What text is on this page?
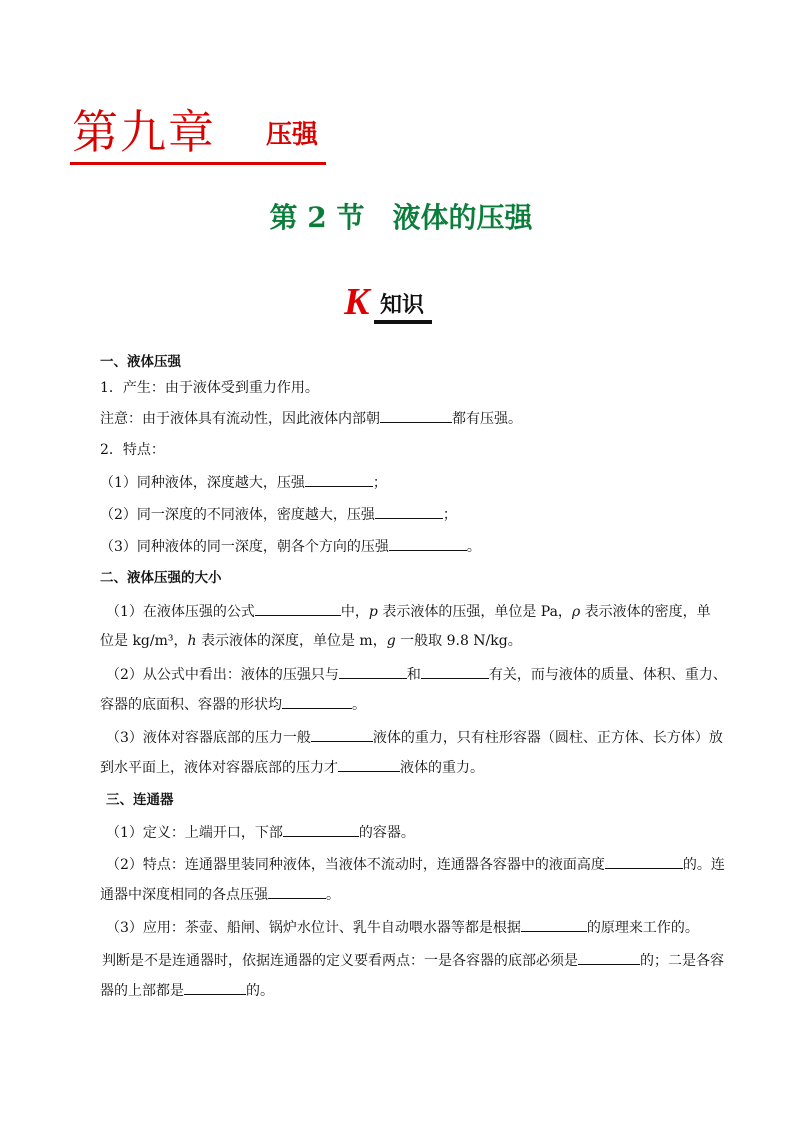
第九章 压强
第 2 节　液体的压强
K 知识

一、液体压强

1．产生：由于液体受到重力作用。

注意：由于液体具有流动性，因此液体内部朝	都有压强。

2．特点：

（1）同种液体，深度越大，压强	；

（2）同一深度的不同液体，密度越大，压强	；

（3）同种液体的同一深度，朝各个方向的压强	。

二、液体压强的大小

（1）在液体压强的公式	中，p 表示液体的压强，单位是 Pa，ρ 表示液体的密度，单

位是 kg/m³，h 表示液体的深度，单位是 m，g 一般取 9.8 N/kg。

（2）从公式中看出：液体的压强只与	和	有关，而与液体的质量、体积、重力、

容器的底面积、容器的形状均	。

（3）液体对容器底部的压力一般	液体的重力，只有柱形容器（圆柱、正方体、长方体）放

到水平面上，液体对容器底部的压力才	液体的重力。

三、连通器

（1）定义：上端开口，下部	的容器。

（2）特点：连通器里装同种液体，当液体不流动时，连通器各容器中的液面高度	的。连

通器中深度相同的各点压强	。

（3）应用：茶壶、船闸、锅炉水位计、乳牛自动喂水器等都是根据	的原理来工作的。

判断是不是连通器时，依据连通器的定义要看两点：一是各容器的底部必须是	的；二是各容

器的上部都是	的。
